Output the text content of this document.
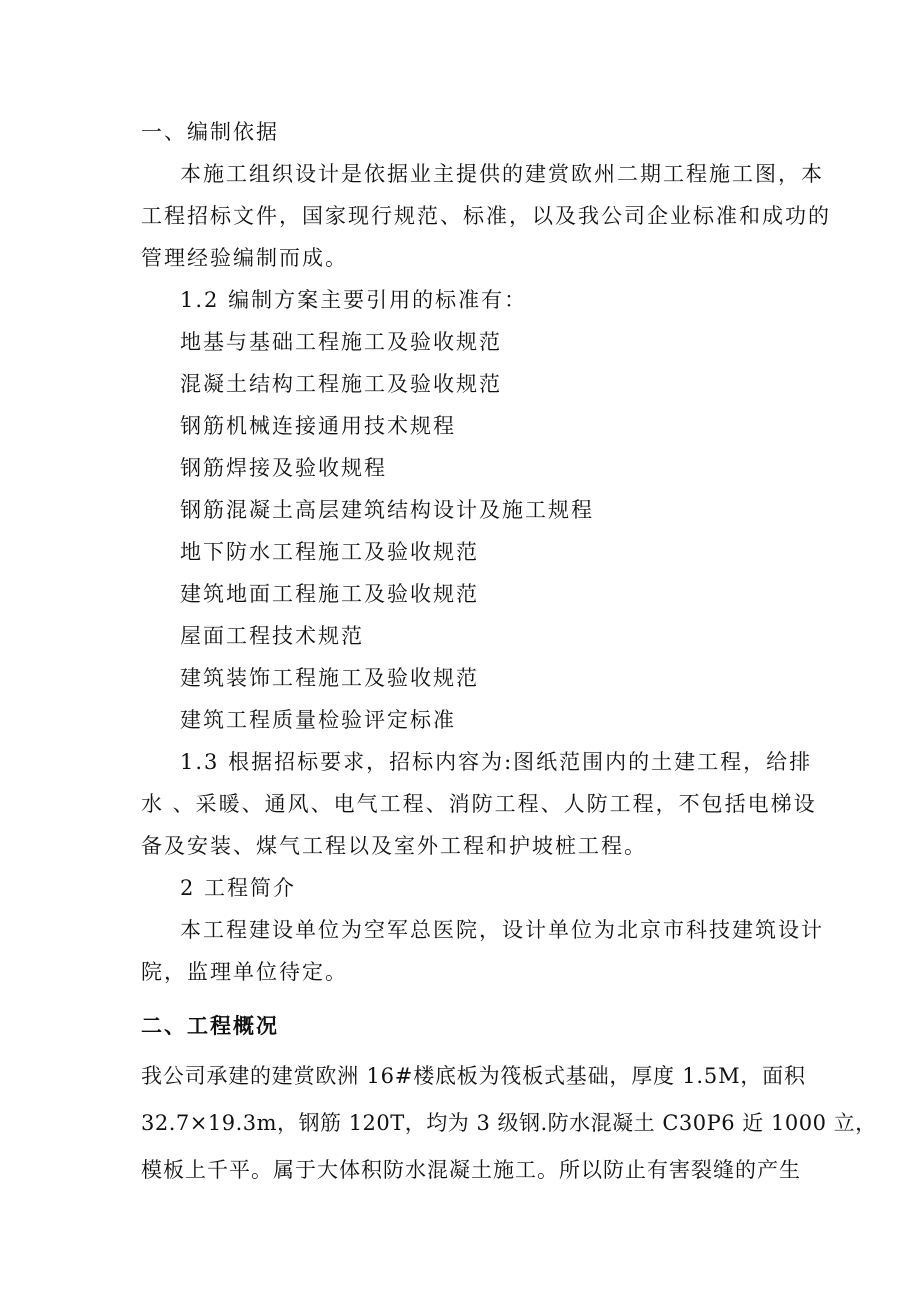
一、编制依据
本施工组织设计是依据业主提供的建赏欧州二期工程施工图，本
工程招标文件，国家现行规范、标准，以及我公司企业标准和成功的
管理经验编制而成。
1.2 编制方案主要引用的标准有：
地基与基础工程施工及验收规范
混凝土结构工程施工及验收规范
钢筋机械连接通用技术规程
钢筋焊接及验收规程
钢筋混凝土高层建筑结构设计及施工规程
地下防水工程施工及验收规范
建筑地面工程施工及验收规范
屋面工程技术规范
建筑装饰工程施工及验收规范
建筑工程质量检验评定标准
1.3 根据招标要求，招标内容为:图纸范围内的土建工程，给排
水 、采暖、通风、电气工程、消防工程、人防工程，不包括电梯设
备及安装、煤气工程以及室外工程和护坡桩工程。
2 工程简介
本工程建设单位为空军总医院，设计单位为北京市科技建筑设计
院，监理单位待定。
二、工程概况
我公司承建的建赏欧洲 16#楼底板为筏板式基础，厚度 1.5M，面积
32.7×19.3m，钢筋 120T，均为 3 级钢.防水混凝土 C30P6 近 1000 立，
模板上千平。属于大体积防水混凝土施工。所以防止有害裂缝的产生
